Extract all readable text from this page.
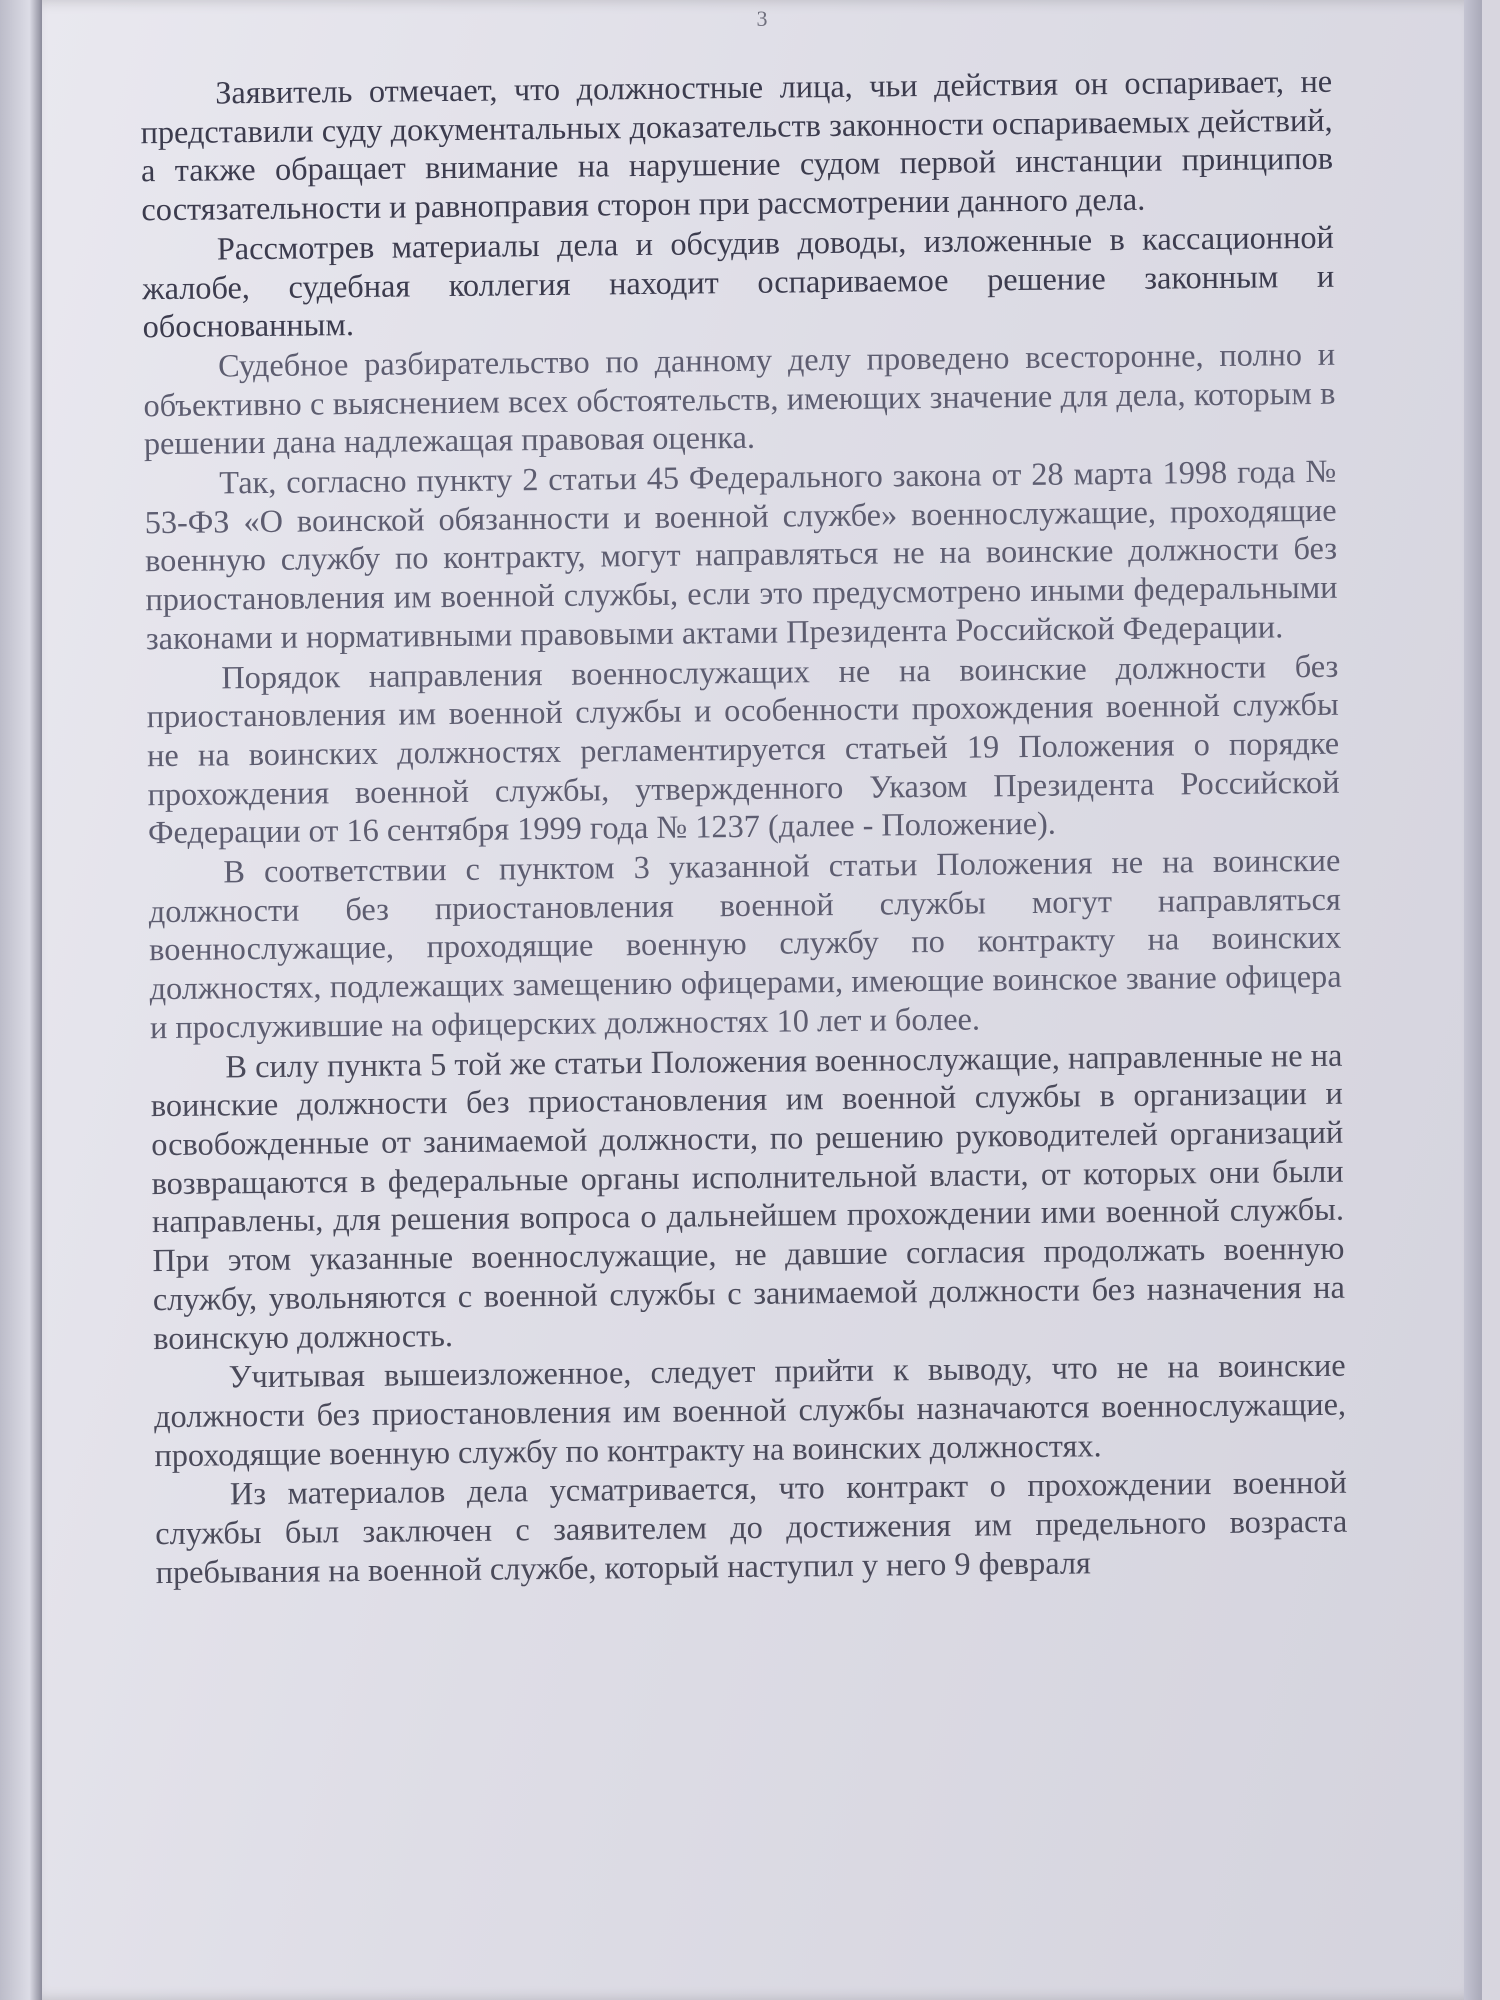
3

Заявитель отмечает, что должностные лица, чьи действия он оспаривает, не представили суду документальных доказательств законности оспариваемых действий, а также обращает внимание на нарушение судом первой инстанции принципов состязательности и равноправия сторон при рассмотрении данного дела.

Рассмотрев материалы дела и обсудив доводы, изложенные в кассационной жалобе, судебная коллегия находит оспариваемое решение законным и обоснованным.

Судебное разбирательство по данному делу проведено всесторонне, полно и объективно с выяснением всех обстоятельств, имеющих значение для дела, которым в решении дана надлежащая правовая оценка.

Так, согласно пункту 2 статьи 45 Федерального закона от 28 марта 1998 года № 53-ФЗ «О воинской обязанности и военной службе» военнослужащие, проходящие военную службу по контракту, могут направляться не на воинские должности без приостановления им военной службы, если это предусмотрено иными федеральными законами и нормативными правовыми актами Президента Российской Федерации.

Порядок направления военнослужащих не на воинские должности без приостановления им военной службы и особенности прохождения военной службы не на воинских должностях регламентируется статьей 19 Положения о порядке прохождения военной службы, утвержденного Указом Президента Российской Федерации от 16 сентября 1999 года № 1237 (далее - Положение).

В соответствии с пунктом 3 указанной статьи Положения не на воинские должности без приостановления военной службы могут направляться военнослужащие, проходящие военную службу по контракту на воинских должностях, подлежащих замещению офицерами, имеющие воинское звание офицера и прослужившие на офицерских должностях 10 лет и более.

В силу пункта 5 той же статьи Положения военнослужащие, направленные не на воинские должности без приостановления им военной службы в организации и освобожденные от занимаемой должности, по решению руководителей организаций возвращаются в федеральные органы исполнительной власти, от которых они были направлены, для решения вопроса о дальнейшем прохождении ими военной службы. При этом указанные военнослужащие, не давшие согласия продолжать военную службу, увольняются с военной службы с занимаемой должности без назначения на воинскую должность.

Учитывая вышеизложенное, следует прийти к выводу, что не на воинские должности без приостановления им военной службы назначаются военнослужащие, проходящие военную службу по контракту на воинских должностях.

Из материалов дела усматривается, что контракт о прохождении военной службы был заключен с заявителем до достижения им предельного возраста пребывания на военной службе, который наступил у него 9 февраля
